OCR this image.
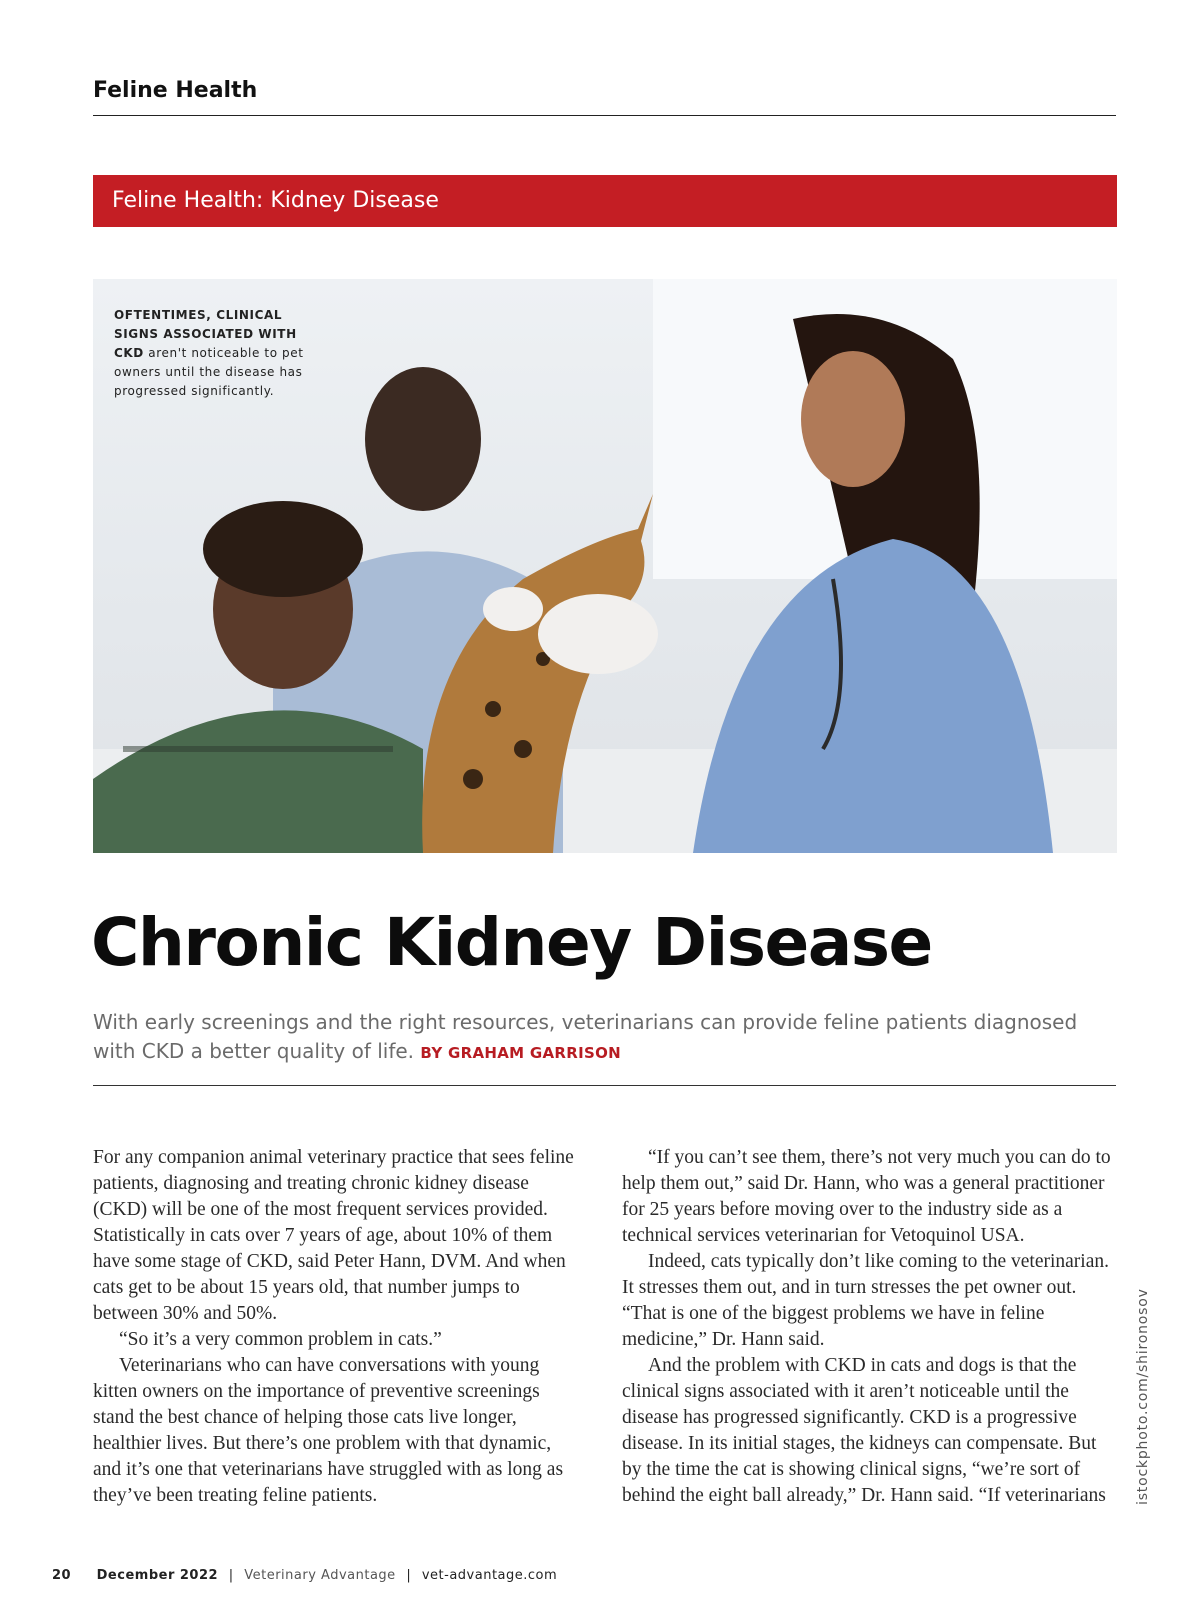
Feline Health
Feline Health: Kidney Disease
OFTENTIMES, CLINICAL SIGNS ASSOCIATED WITH CKD aren't noticeable to pet owners until the disease has progressed significantly.
Chronic Kidney Disease
With early screenings and the right resources, veterinarians can provide feline patients diagnosed with CKD a better quality of life. BY GRAHAM GARRISON

For any companion animal veterinary practice that sees feline patients, diagnosing and treating chronic kidney disease (CKD) will be one of the most frequent services provided. Statistically in cats over 7 years of age, about 10% of them have some stage of CKD, said Peter Hann, DVM. And when cats get to be about 15 years old, that number jumps to between 30% and 50%.

“So it’s a very common problem in cats.”

Veterinarians who can have conversations with young kitten owners on the importance of preventive screenings stand the best chance of helping those cats live longer, healthier lives. But there’s one problem with that dynamic, and it’s one that veterinarians have struggled with as long as they’ve been treating feline patients.

“If you can’t see them, there’s not very much you can do to help them out,” said Dr. Hann, who was a general practitioner for 25 years before moving over to the industry side as a technical services veterinarian for Vetoquinol USA.

Indeed, cats typically don’t like coming to the veterinarian. It stresses them out, and in turn stresses the pet owner out. “That is one of the biggest problems we have in feline medicine,” Dr. Hann said.

And the problem with CKD in cats and dogs is that the clinical signs associated with it aren’t noticeable until the disease has progressed significantly. CKD is a progressive disease. In its initial stages, the kidneys can compensate. But by the time the cat is showing clinical signs, “we’re sort of behind the eight ball already,” Dr. Hann said. “If veterinarians	istockphoto.com/shironosov
20 December 2022 | Veterinary Advantage | vet-advantage.com
